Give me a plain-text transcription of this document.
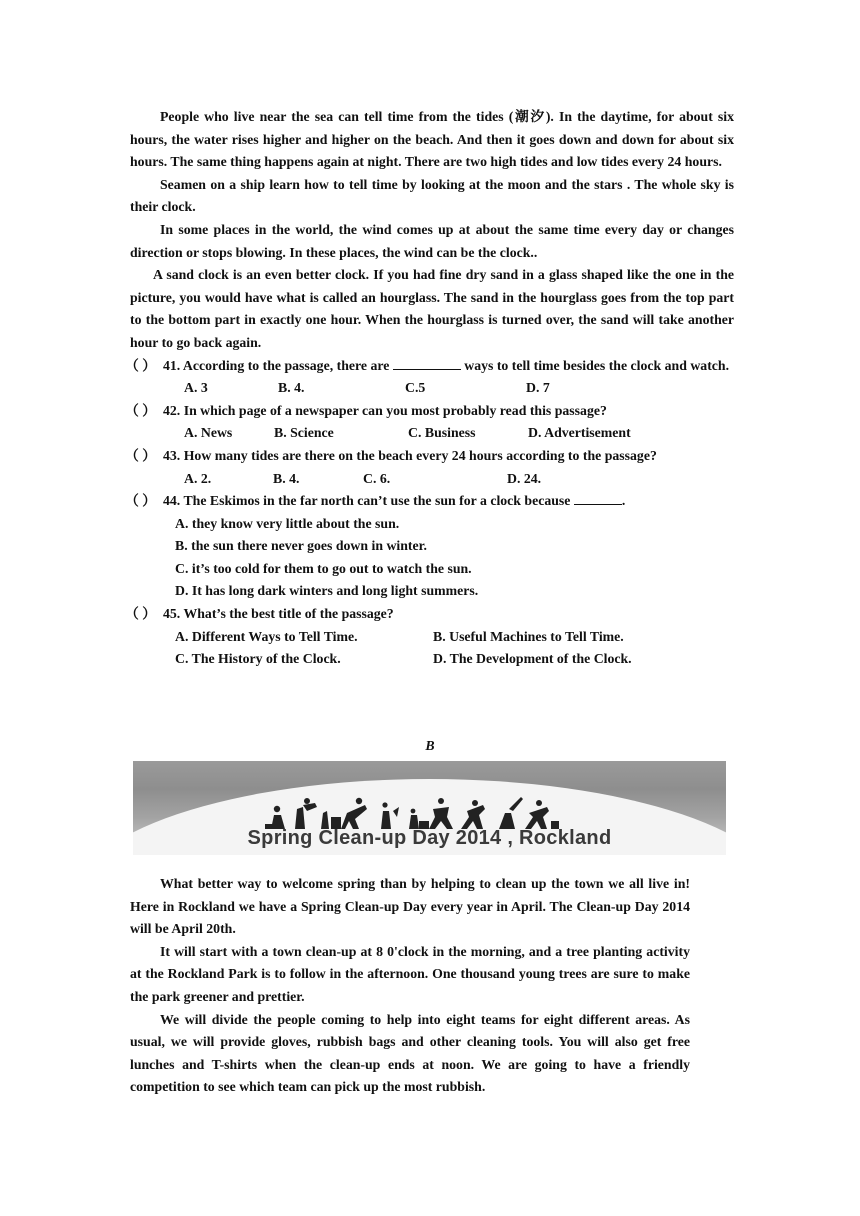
People who live near the sea can tell time from the tides (潮汐). In the daytime, for about six hours, the water rises higher and higher on the beach. And then it goes down and down for about six hours. The same thing happens again at night. There are two high tides and low tides every 24 hours.

Seamen on a ship learn how to tell time by looking at the moon and the stars . The whole sky is their clock.

In some places in the world, the wind comes up at about the same time every day or changes direction or stops blowing. In these places, the wind can be the clock..

A sand clock is an even better clock. If you had fine dry sand in a glass shaped like the one in the picture, you would have what is called an hourglass. The sand in the hourglass goes from the top part to the bottom part in exactly one hour. When the hourglass is turned over, the sand will take another hour to go back again.

（ ） 41. According to the passage, there are	ways to tell time besides the clock and watch.
A. 3	B. 4.	C.5	D. 7
（ ） 42. In which page of a newspaper can you most probably read this passage?
A. News	B. Science	C. Business	D. Advertisement
（ ） 43. How many tides are there on the beach every 24 hours according to the passage?
A. 2.	B. 4.	C. 6.	D. 24.
（ ） 44. The Eskimos in the far north can’t use the sun for a clock because	.

A. they know very little about the sun.

B. the sun there never goes down in winter.

C. it’s too cold for them to go out to watch the sun.

D. It has long dark winters and long light summers.

（ ） 45. What’s the best title of the passage?
A. Different Ways to Tell Time.	B. Useful Machines to Tell Time.
C. The History of the Clock.	D. The Development of the Clock.
B
Spring Clean-up Day 2014 , Rockland

What better way to welcome spring than by helping to clean up the town we all live in! Here in Rockland we have a Spring Clean-up Day every year in April. The Clean-up Day 2014 will be April 20th.

It will start with a town clean-up at 8 0'clock in the morning, and a tree planting activity at the Rockland Park is to follow in the afternoon. One thousand young trees are sure to make the park greener and prettier.

We will divide the people coming to help into eight teams for eight different areas. As usual, we will provide gloves, rubbish bags and other cleaning tools. You will also get free lunches and T-shirts when the clean-up ends at noon. We are going to have a friendly competition to see which team can pick up the most rubbish.
